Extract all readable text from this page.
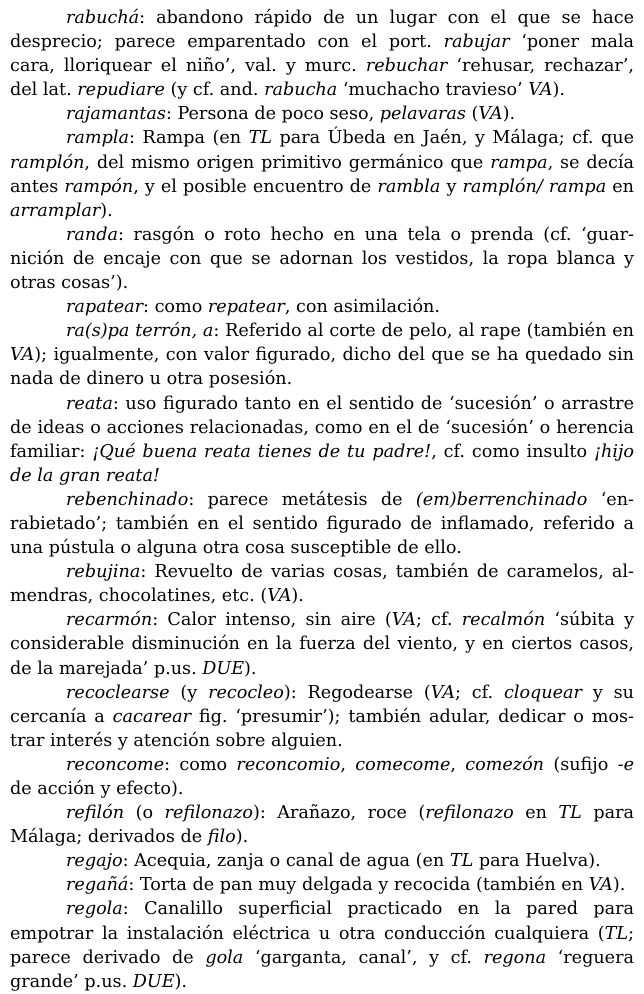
rabuchá: abandono rápido de un lugar con el que se hace desprecio; parece emparentado con el port. rabujar ‘poner mala cara, lloriquear el niño’, val. y murc. rebuchar ‘rehusar, rechazar’, del lat. repudiare (y cf. and. rabucha ‘muchacho travieso’ VA).

rajamantas: Persona de poco seso, pelavaras (VA).

rampla: Rampa (en TL para Úbeda en Jaén, y Málaga; cf. que ramplón, del mismo origen primitivo germánico que rampa, se decía antes rampón, y el posible encuentro de rambla y ramplón/ rampa en arramplar).

randa: rasgón o roto hecho en una tela o prenda (cf. ‘guarnición de encaje con que se adornan los vestidos, la ropa blanca y otras cosas’).

rapatear: como repatear, con asimilación.

ra(s)pa terrón, a: Referido al corte de pelo, al rape (también en VA); igualmente, con valor figurado, dicho del que se ha quedado sin nada de dinero u otra posesión.

reata: uso figurado tanto en el sentido de ‘sucesión’ o arrastre de ideas o acciones relacionadas, como en el de ‘sucesión’ o herencia familiar: ¡Qué buena reata tienes de tu padre!, cf. como insulto ¡hijo de la gran reata!

rebenchinado: parece metátesis de (em)berrenchinado ‘enrabietado’; también en el sentido figurado de inflamado, referido a una pústula o alguna otra cosa susceptible de ello.

rebujina: Revuelto de varias cosas, también de caramelos, almendras, chocolatines, etc. (VA).

recarmón: Calor intenso, sin aire (VA; cf. recalmón ‘súbita y considerable disminución en la fuerza del viento, y en ciertos casos, de la marejada’ p.us. DUE).

recoclearse (y recocleo): Regodearse (VA; cf. cloquear y su cercanía a cacarear fig. ‘presumir’); también adular, dedicar o mostrar interés y atención sobre alguien.

reconcome: como reconcomio, comecome, comezón (sufijo -e de acción y efecto).

refilón (o refilonazo): Arañazo, roce (refilonazo en TL para Málaga; derivados de filo).

regajo: Acequia, zanja o canal de agua (en TL para Huelva).

regañá: Torta de pan muy delgada y recocida (también en VA).

regola: Canalillo superficial practicado en la pared para empotrar la instalación eléctrica u otra conducción cualquiera (TL; parece derivado de gola ‘garganta, canal’, y cf. regona ‘reguera grande’ p.us. DUE).
